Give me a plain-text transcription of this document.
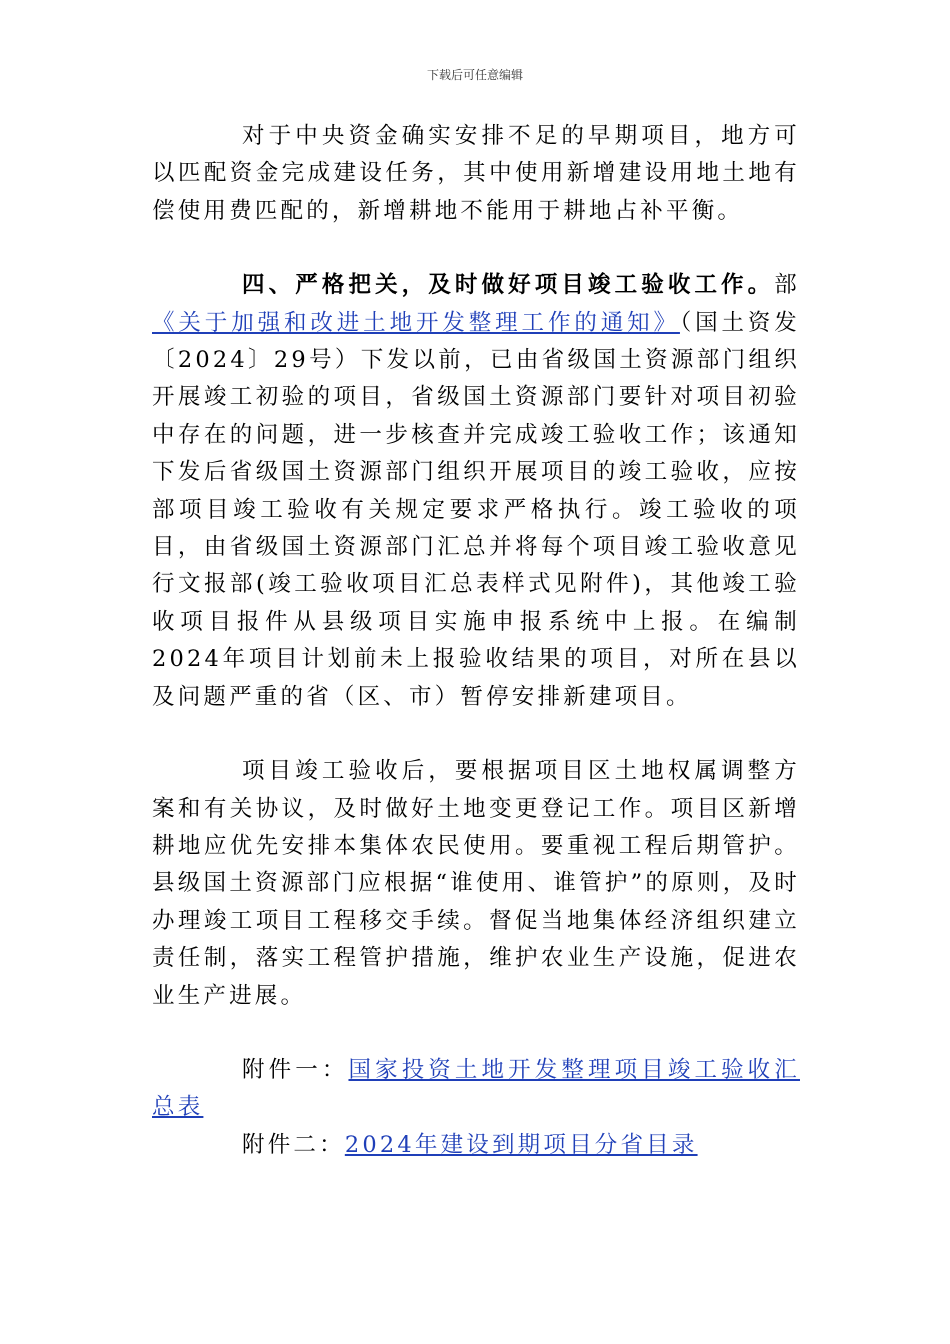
下载后可任意编辑

对于中央资金确实安排不足的早期项目，地方可以匹配资金完成建设任务，其中使用新增建设用地土地有偿使用费匹配的，新增耕地不能用于耕地占补平衡。

四、严格把关，及时做好项目竣工验收工作。部《关于加强和改进土地开发整理工作的通知》（国土资发〔2024〕29号）下发以前，已由省级国土资源部门组织开展竣工初验的项目，省级国土资源部门要针对项目初验中存在的问题，进一步核查并完成竣工验收工作；该通知下发后省级国土资源部门组织开展项目的竣工验收，应按部项目竣工验收有关规定要求严格执行。竣工验收的项目，由省级国土资源部门汇总并将每个项目竣工验收意见行文报部(竣工验收项目汇总表样式见附件)，其他竣工验收项目报件从县级项目实施申报系统中上报。在编制2024年项目计划前未上报验收结果的项目，对所在县以及问题严重的省（区、市）暂停安排新建项目。

项目竣工验收后，要根据项目区土地权属调整方案和有关协议，及时做好土地变更登记工作。项目区新增耕地应优先安排本集体农民使用。要重视工程后期管护。县级国土资源部门应根据“谁使用、谁管护”的原则，及时办理竣工项目工程移交手续。督促当地集体经济组织建立责任制，落实工程管护措施，维护农业生产设施，促进农业生产进展。

附件一：国家投资土地开发整理项目竣工验收汇总表

附件二：2024年建设到期项目分省目录
